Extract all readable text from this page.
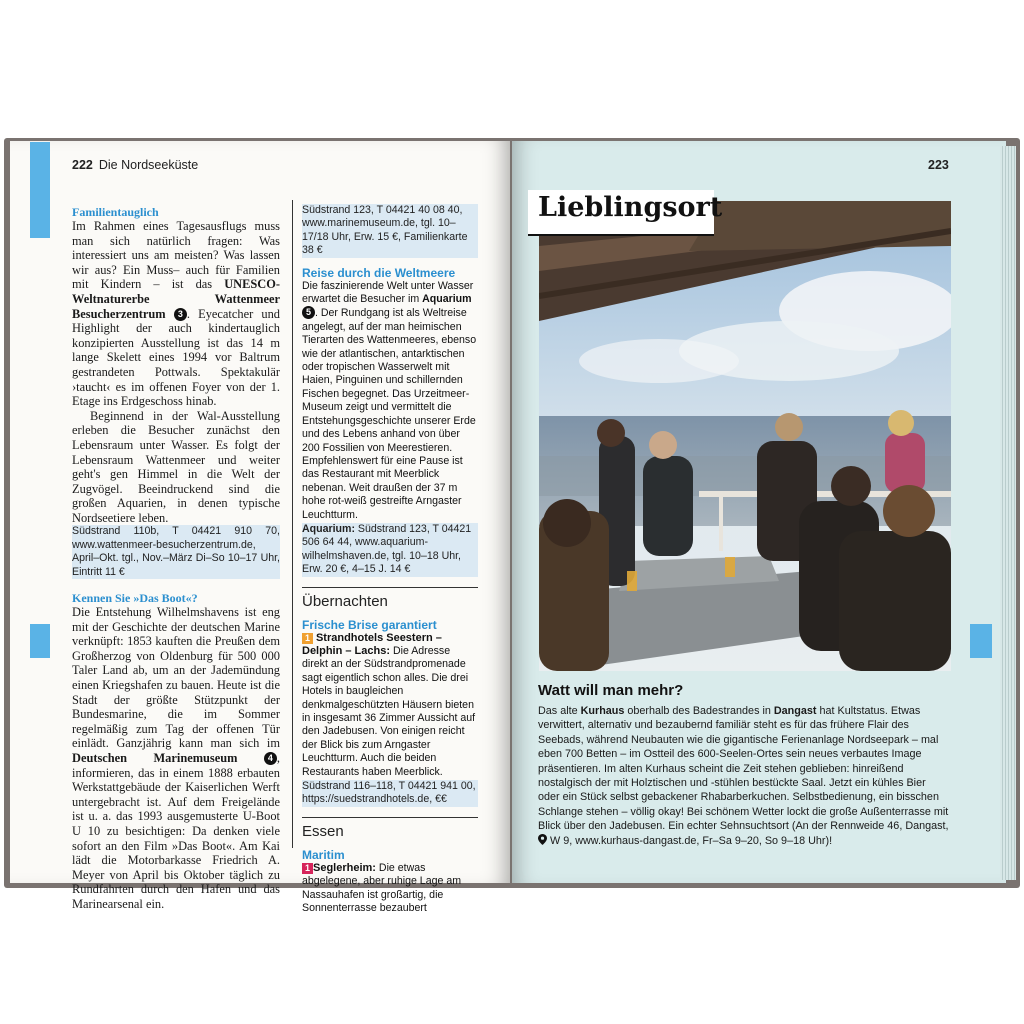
222 Die Nordseeküste	223
Familientauglich

Im Rahmen eines Tagesausflugs muss man sich natürlich fragen: Was interessiert uns am meisten? Was lassen wir aus? Ein Muss– auch für Familien mit Kindern – ist das UNESCO-Weltnaturerbe Wattenmeer Besucherzentrum 3 . Eyecatcher und Highlight der auch kindertauglich konzipierten Ausstellung ist das 14 m lange Skelett eines 1994 vor Baltrum gestrandeten Pottwals. Spektakulär ›taucht‹ es im offenen Foyer von der 1. Etage ins Erdgeschoss hinab.

Beginnend in der Wal-Ausstellung erleben die Besucher zunächst den Lebensraum unter Wasser. Es folgt der Lebensraum Wattenmeer und weiter geht's gen Himmel in die Welt der Zugvögel. Beeindruckend sind die großen Aquarien, in denen typische Nordseetiere leben.

Südstrand 110b, T 04421 910 70, www.wattenmeer-besucherzentrum.de, April–Okt. tgl., Nov.–März Di–So 10–17 Uhr, Eintritt 11 €

Kennen Sie »Das Boot«?

Die Entstehung Wilhelmshavens ist eng mit der Geschichte der deutschen Marine verknüpft: 1853 kauften die Preußen dem Großherzog von Oldenburg für 500 000 Taler Land ab, um an der Jademündung einen Kriegshafen zu bauen. Heute ist die Stadt der größte Stützpunkt der Bundesmarine, die im Sommer regelmäßig zum Tag der offenen Tür einlädt. Ganzjährig kann man sich im Deutschen Marinemuseum	4 , informieren, das in einem 1888 erbauten Werkstattgebäude der Kaiserlichen Werft untergebracht ist. Auf dem Freigelände ist u. a. das 1993 ausgemusterte U-Boot U 10 zu besichtigen: Da denken viele sofort an den Film »Das Boot«. Am Kai lädt die Motorbarkasse Friedrich A. Meyer von April bis Oktober täglich zu Rundfahrten durch den Hafen und das Marinearsenal ein.

Südstrand 123, T 04421 40 08 40, www.marinemuseum.de, tgl. 10–17/18 Uhr, Erw. 15 €, Familienkarte 38 €

Reise durch die Weltmeere
Die faszinierende Welt unter Wasser erwartet die Besucher im Aquarium 5 . Der Rundgang ist als Weltreise angelegt, auf der man heimischen Tierarten des Wattenmeeres, ebenso wie der atlantischen, antarktischen oder tropischen Wasserwelt mit Haien, Pinguinen und schillernden Fischen begegnet. Das Urzeitmeer-Museum zeigt und vermittelt die Entstehungsgeschichte unserer Erde und des Lebens anhand von über 200 Fossilien von Meerestieren. Empfehlenswert für eine Pause ist das Restaurant mit Meerblick nebenan. Weit draußen der 37 m hohe rot-weiß gestreifte Arngaster Leuchtturm.

Aquarium: Südstrand 123, T 04421 506 64 44, www.aquarium-wilhelmshaven.de, tgl. 10–18 Uhr, Erw. 20 €, 4–15 J. 14 €

Übernachten
Frische Brise garantiert
1 Strandhotels Seestern – Delphin – Lachs: Die Adresse direkt an der Südstrandpromenade sagt eigentlich schon alles. Die drei Hotels in baugleichen denkmalgeschützten Häusern bieten in insgesamt 36 Zimmer Aussicht auf den Jadebusen. Von einigen reicht der Blick bis zum Arngaster Leuchtturm. Auch die beiden Restaurants haben Meerblick.

Südstrand 116–118, T 04421 941 00, https://suedstrandhotels.de, €€

Essen
Maritim
1 Seglerheim: Die etwas abgelegene, aber ruhige Lage am Nassauhafen ist großartig, die Sonnenterrasse bezaubert
Lieblingsort
Watt will man mehr?

Das alte Kurhaus oberhalb des Badestrandes in Dangast hat Kultstatus. Etwas verwittert, alternativ und bezaubernd familiär steht es für das frühere Flair des Seebads, während Neubauten wie die gigantische Ferienanlage Nordseepark – mal eben 700 Betten – im Ostteil des 600-Seelen-Ortes sein neues verbautes Image präsentieren. Im alten Kurhaus scheint die Zeit stehen geblieben: hinreißend nostalgisch der mit Holztischen und -stühlen bestückte Saal. Jetzt ein kühles Bier oder ein Stück selbst gebackener Rhabarberkuchen. Selbstbedienung, ein bisschen Schlange stehen – völlig okay! Bei schönem Wetter lockt die große Außenterrasse mit Blick über den Jadebusen. Ein echter Sehnsuchtsort (An der Rennweide 46, Dangast,  W 9, www.kurhaus-dangast.de, Fr–Sa 9–20, So 9–18 Uhr)!
